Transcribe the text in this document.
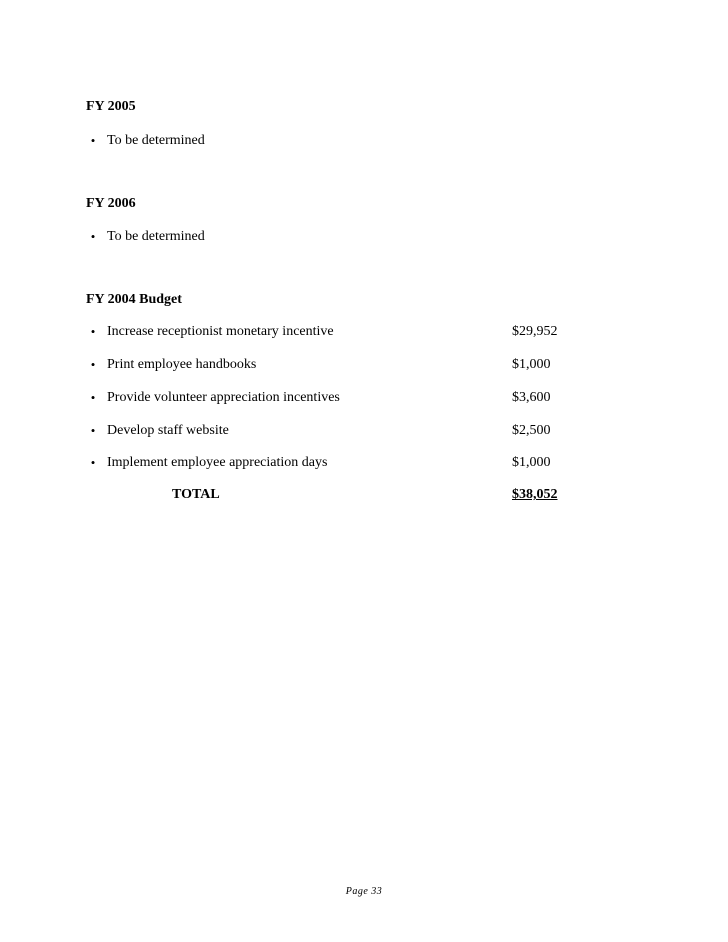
FY 2005
• To be determined
FY 2006
• To be determined
FY 2004 Budget
• Increase receptionist monetary incentive	$29,952
• Print employee handbooks	$1,000
• Provide volunteer appreciation incentives	$3,600
• Develop staff website	$2,500
• Implement employee appreciation days	$1,000
TOTAL	$38,052
Page 33
